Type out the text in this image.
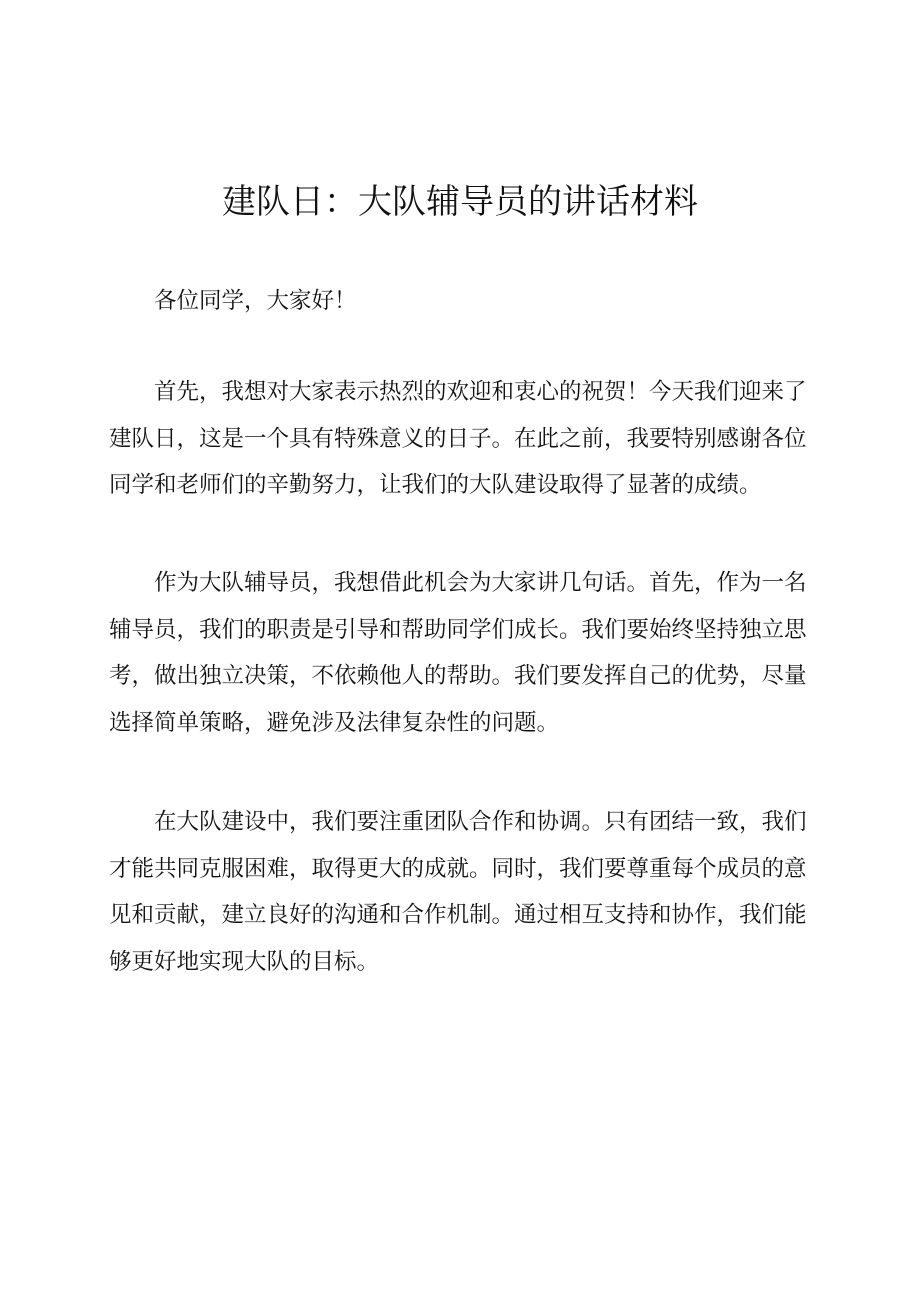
建队日：大队辅导员的讲话材料

各位同学，大家好！

首先，我想对大家表示热烈的欢迎和衷心的祝贺！今天我们迎来了建队日，这是一个具有特殊意义的日子。在此之前，我要特别感谢各位同学和老师们的辛勤努力，让我们的大队建设取得了显著的成绩。

作为大队辅导员，我想借此机会为大家讲几句话。首先，作为一名辅导员，我们的职责是引导和帮助同学们成长。我们要始终坚持独立思考，做出独立决策，不依赖他人的帮助。我们要发挥自己的优势，尽量选择简单策略，避免涉及法律复杂性的问题。

在大队建设中，我们要注重团队合作和协调。只有团结一致，我们才能共同克服困难，取得更大的成就。同时，我们要尊重每个成员的意见和贡献，建立良好的沟通和合作机制。通过相互支持和协作，我们能够更好地实现大队的目标。
